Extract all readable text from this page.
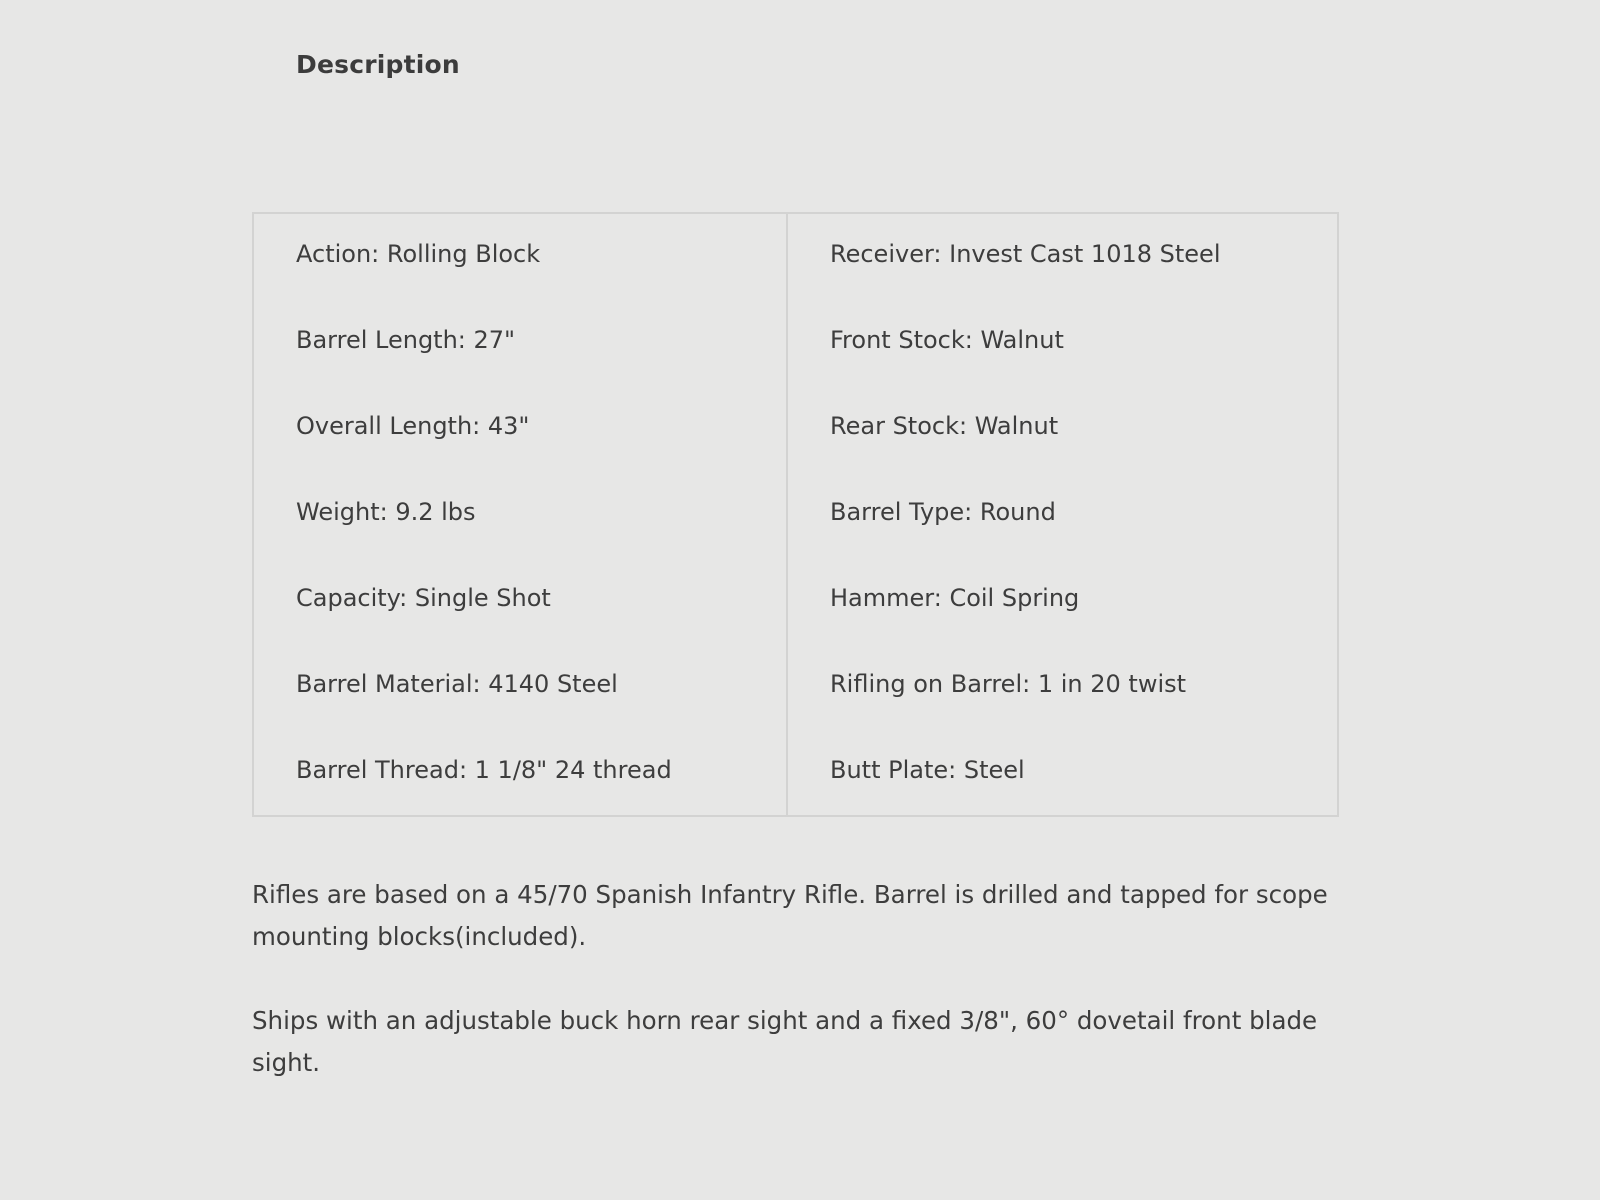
Description
Action: Rolling Block
Barrel Length: 27"
Overall Length: 43"
Weight: 9.2 lbs
Capacity: Single Shot
Barrel Material: 4140 Steel
Barrel Thread: 1 1/8" 24 thread
Receiver: Invest Cast 1018 Steel
Front Stock: Walnut
Rear Stock: Walnut
Barrel Type: Round
Hammer: Coil Spring
Rifling on Barrel: 1 in 20 twist
Butt Plate: Steel

Rifles are based on a 45/70 Spanish Infantry Rifle. Barrel is drilled and tapped for scope mounting blocks(included).

Ships with an adjustable buck horn rear sight and a fixed 3/8", 60° dovetail front blade sight.
